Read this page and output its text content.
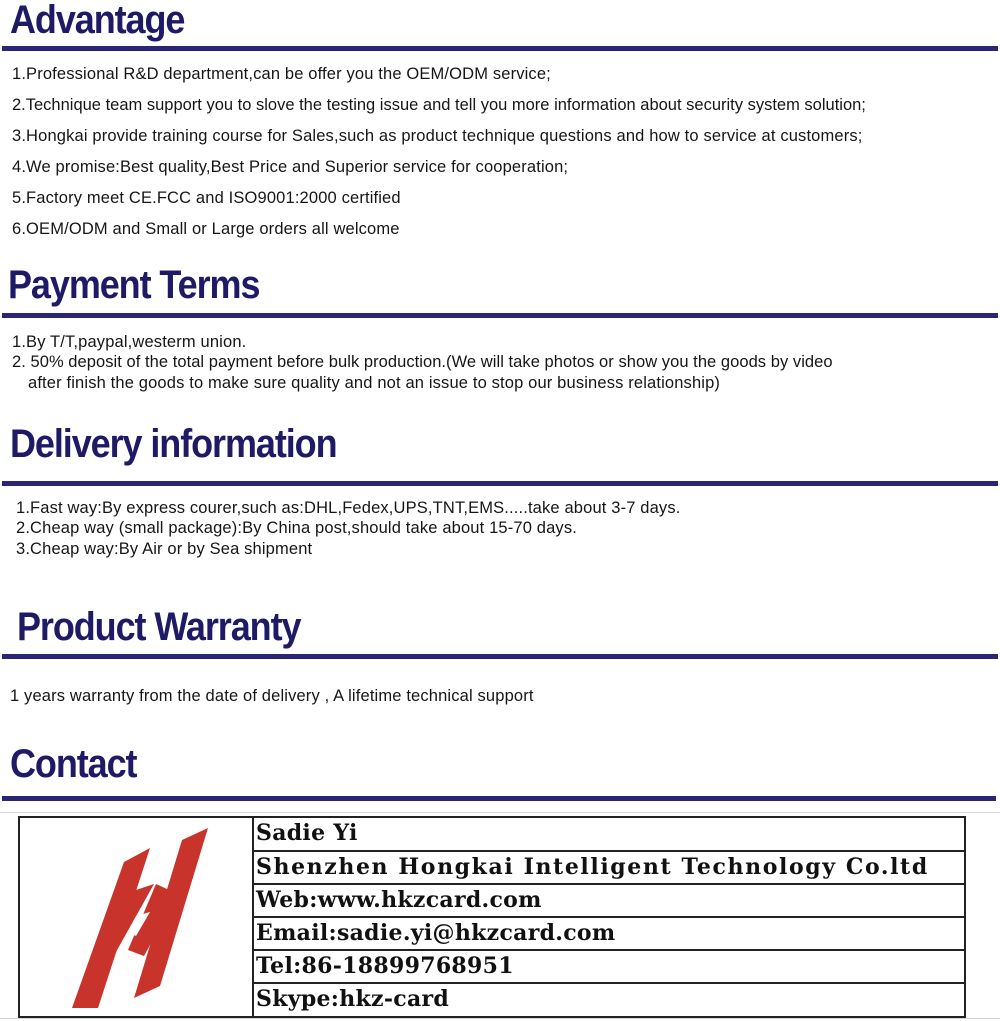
Advantage

1.Professional R&D department,can be offer you the OEM/ODM service;

2.Technique team support you to slove the testing issue and tell you more information about security system solution;

3.Hongkai provide training course for Sales,such as product technique questions and how to service at customers;

4.We promise:Best quality,Best Price and Superior service for cooperation;

5.Factory meet CE.FCC and ISO9001:2000 certified

6.OEM/ODM and Small or Large orders all welcome

Payment Terms

1.By T/T,paypal,westerm union.

2. 50% deposit of the total payment before bulk production.(We will take photos or show you the goods by video

after finish the goods to make sure quality and not an issue to stop our business relationship)

Delivery information

1.Fast way:By express courer,such as:DHL,Fedex,UPS,TNT,EMS.....take about 3-7 days.

2.Cheap way (small package):By China post,should take about 15-70 days.

3.Cheap way:By Air or by Sea shipment

Product Warranty

1 years warranty from the date of delivery , A lifetime technical support

Contact
Sadie Yi
Shenzhen Hongkai Intelligent Technology Co.ltd
Web:www.hkzcard.com
Email:sadie.yi@hkzcard.com
Tel:86-18899768951
Skype:hkz-card
